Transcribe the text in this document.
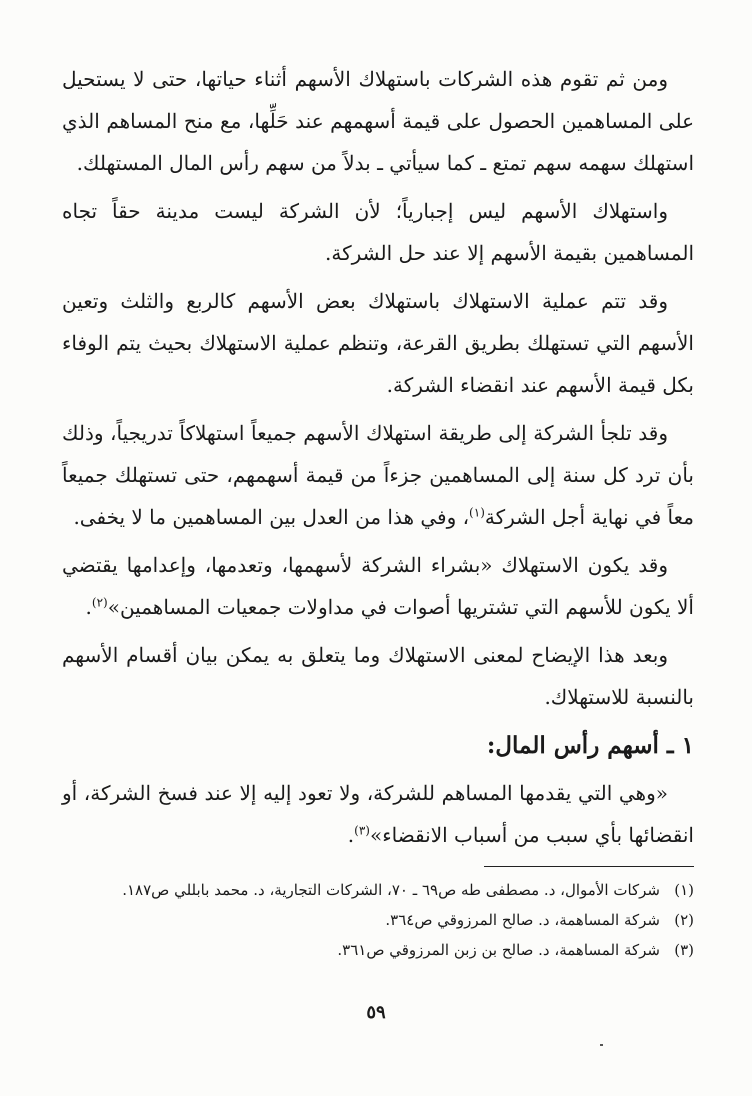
ومن ثم تقوم هذه الشركات باستهلاك الأسهم أثناء حياتها، حتى لا يستحيل على المساهمين الحصول على قيمة أسهمهم عند حَلِّها، مع منح المساهم الذي استهلك سهمه سهم تمتع ـ كما سيأتي ـ بدلاً من سهم رأس المال المستهلك.

واستهلاك الأسهم ليس إجبارياً؛ لأن الشركة ليست مدينة حقاً تجاه المساهمين بقيمة الأسهم إلا عند حل الشركة.

وقد تتم عملية الاستهلاك باستهلاك بعض الأسهم كالربع والثلث وتعين الأسهم التي تستهلك بطريق القرعة، وتنظم عملية الاستهلاك بحيث يتم الوفاء بكل قيمة الأسهم عند انقضاء الشركة.

وقد تلجأ الشركة إلى طريقة استهلاك الأسهم جميعاً استهلاكاً تدريجياً، وذلك بأن ترد كل سنة إلى المساهمين جزءاً من قيمة أسهمهم، حتى تستهلك جميعاً معاً في نهاية أجل الشركة$^{(١)}$، وفي هذا من العدل بين المساهمين ما لا يخفى.

وقد يكون الاستهلاك «بشراء الشركة لأسهمها، وتعدمها، وإعدامها يقتضي ألا يكون للأسهم التي تشتريها أصوات في مداولات جمعيات المساهمين»$^{(٢)}$.

وبعد هذا الإيضاح لمعنى الاستهلاك وما يتعلق به يمكن بيان أقسام الأسهم بالنسبة للاستهلاك.

١ ـ أسهم رأس المال:

«وهي التي يقدمها المساهم للشركة، ولا تعود إليه إلا عند فسخ الشركة، أو انقضائها بأي سبب من أسباب الانقضاء»$^{(٣)}$.

(١)
شركات الأموال، د. مصطفى طه ص٦٩ ـ ٧٠، الشركات التجارية، د. محمد بابللي ص١٨٧.
(٢)
شركة المساهمة، د. صالح المرزوقي ص٣٦٤.
(٣)
شركة المساهمة، د. صالح بن زبن المرزوقي ص٣٦١.
٥٩
